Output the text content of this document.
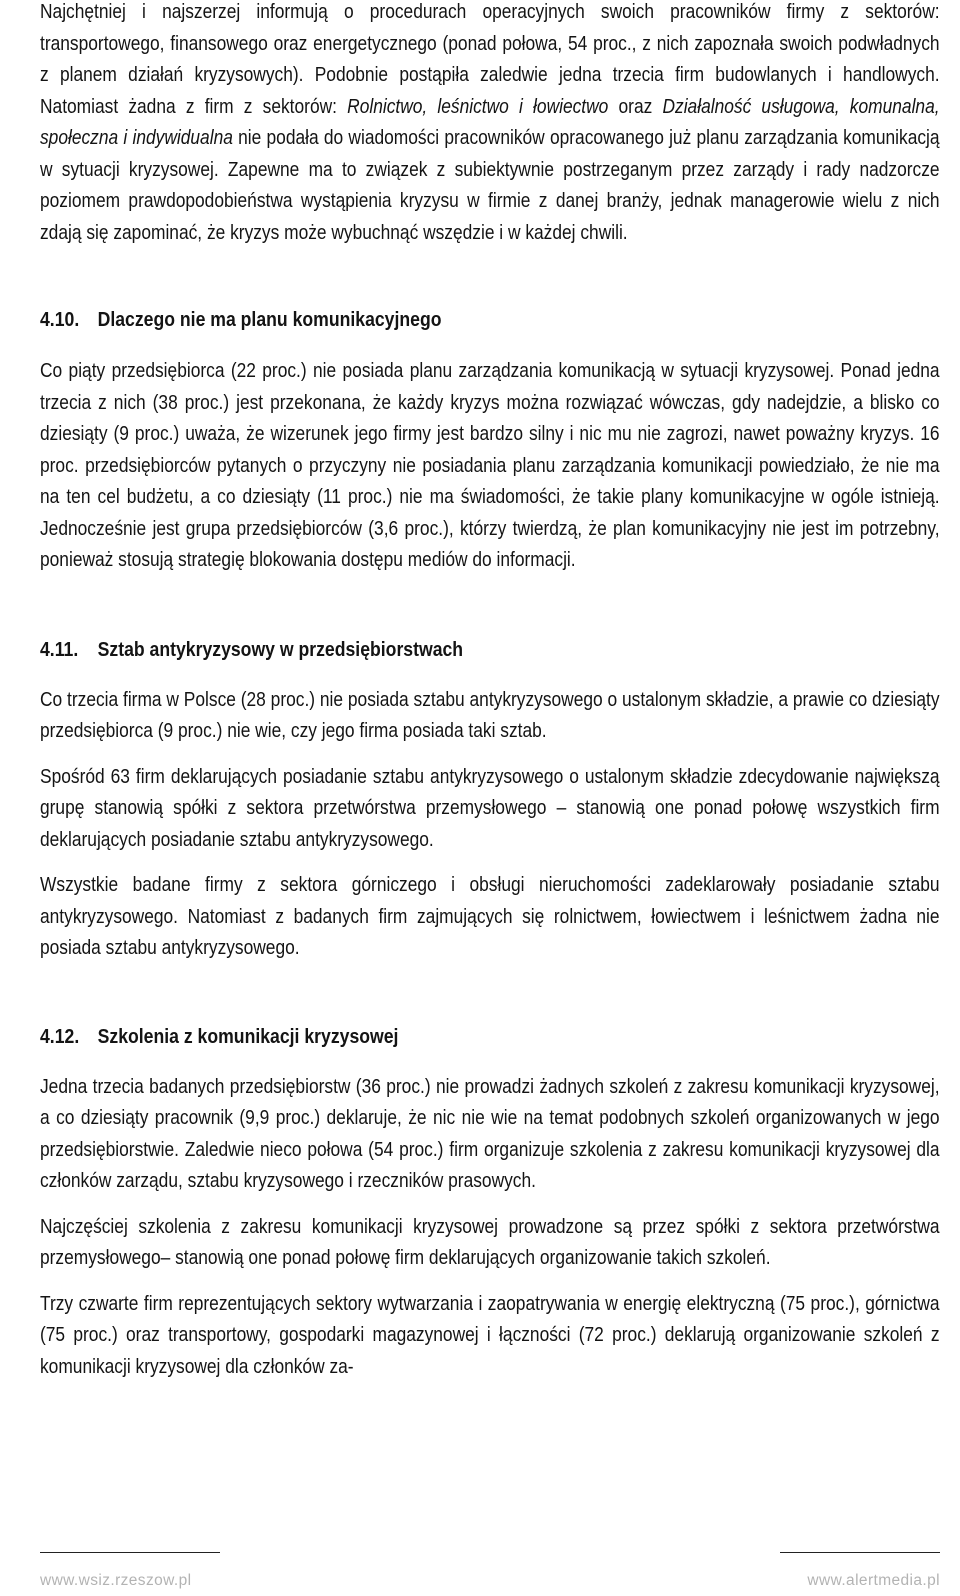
Najchętniej i najszerzej informują o procedurach operacyjnych swoich pracowników firmy z sektorów: transportowego, finansowego oraz energetycznego (ponad połowa, 54 proc., z nich zapoznała swoich podwładnych z planem działań kryzysowych). Podobnie postąpiła zaledwie jedna trzecia firm budowlanych i handlowych. Natomiast żadna z firm z sektorów: Rolnictwo, leśnictwo i łowiectwo oraz Działalność usługowa, komunalna, społeczna i indywidualna nie podała do wiadomości pracowników opracowanego już planu zarządzania komunikacją w sytuacji kryzysowej. Zapewne ma to związek z subiektywnie postrzeganym przez zarządy i rady nadzorcze poziomem prawdopodobieństwa wystąpienia kryzysu w firmie z danej branży, jednak managerowie wielu z nich zdają się zapominać, że kryzys może wybuchnąć wszędzie i w każdej chwili.

4.10. Dlaczego nie ma planu komunikacyjnego

Co piąty przedsiębiorca (22 proc.) nie posiada planu zarządzania komunikacją w sytuacji kryzysowej. Ponad jedna trzecia z nich (38 proc.) jest przekonana, że każdy kryzys można rozwiązać wówczas, gdy nadejdzie, a blisko co dziesiąty (9 proc.) uważa, że wizerunek jego firmy jest bardzo silny i nic mu nie zagrozi, nawet poważny kryzys. 16 proc. przedsiębiorców pytanych o przyczyny nie posiadania planu zarządzania komunikacji powiedziało, że nie ma na ten cel budżetu, a co dziesiąty (11 proc.) nie ma świadomości, że takie plany komunikacyjne w ogóle istnieją. Jednocześnie jest grupa przedsiębiorców (3,6 proc.), którzy twierdzą, że plan komunikacyjny nie jest im potrzebny, ponieważ stosują strategię blokowania dostępu mediów do informacji.

4.11. Sztab antykryzysowy w przedsiębiorstwach

Co trzecia firma w Polsce (28 proc.) nie posiada sztabu antykryzysowego o ustalonym składzie, a prawie co dziesiąty przedsiębiorca (9 proc.) nie wie, czy jego firma posiada taki sztab.

Spośród 63 firm deklarujących posiadanie sztabu antykryzysowego o ustalonym składzie zdecydowanie największą grupę stanowią spółki z sektora przetwórstwa przemysłowego – stanowią one ponad połowę wszystkich firm deklarujących posiadanie sztabu antykryzysowego.

Wszystkie badane firmy z sektora górniczego i obsługi nieruchomości zadeklarowały posiadanie sztabu antykryzysowego. Natomiast z badanych firm zajmujących się rolnictwem, łowiectwem i leśnictwem żadna nie posiada sztabu antykryzysowego.

4.12. Szkolenia z komunikacji kryzysowej

Jedna trzecia badanych przedsiębiorstw (36 proc.) nie prowadzi żadnych szkoleń z zakresu komunikacji kryzysowej, a co dziesiąty pracownik (9,9 proc.) deklaruje, że nic nie wie na temat podobnych szkoleń organizowanych w jego przedsiębiorstwie. Zaledwie nieco połowa (54 proc.) firm organizuje szkolenia z zakresu komunikacji kryzysowej dla członków zarządu, sztabu kryzysowego i rzeczników prasowych.

Najczęściej szkolenia z zakresu komunikacji kryzysowej prowadzone są przez spółki z sektora przetwórstwa przemysłowego– stanowią one ponad połowę firm deklarujących organizowanie takich szkoleń.

Trzy czwarte firm reprezentujących sektory wytwarzania i zaopatrywania w energię elektryczną (75 proc.), górnictwa (75 proc.) oraz transportowy, gospodarki magazynowej i łączności (72 proc.) deklarują organizowanie szkoleń z komunikacji kryzysowej dla członków za-

www.wsiz.rzeszow.pl	www.alertmedia.pl
